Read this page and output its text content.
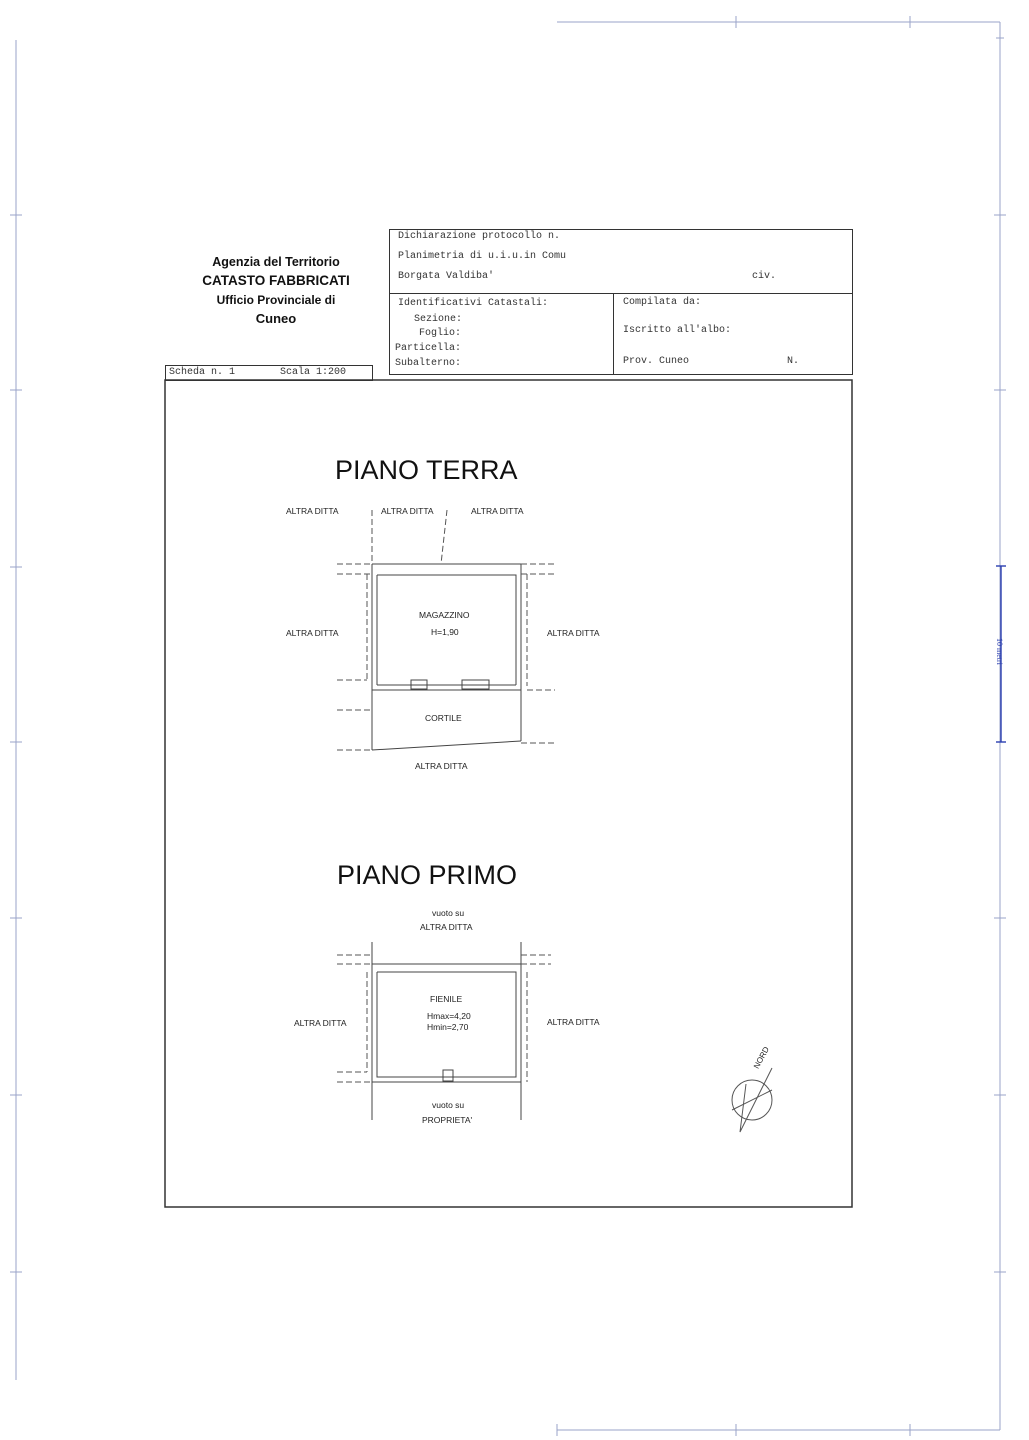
Agenzia del Territorio
CATASTO FABBRICATI
Ufficio Provinciale di
Cuneo
Dichiarazione protocollo n.
Planimetria di u.i.u.in Comu
Borgata Valdiba'	civ.
Identificativi Catastali:
Sezione:
Foglio:
Particella:
Subalterno:
Compilata da:
Iscritto all'albo:
Prov. Cuneo	N.
Scheda n. 1	Scala 1:200
PIANO TERRA
ALTRA DITTA	ALTRA DITTA	ALTRA DITTA
ALTRA DITTA	ALTRA DITTA
MAGAZZINO
H=1,90
CORTILE
ALTRA DITTA
PIANO PRIMO
vuoto su
ALTRA DITTA
ALTRA DITTA	ALTRA DITTA
FIENILE
Hmax=4,20
Hmin=2,70
vuoto su
PROPRIETA'
NORD
10 metri
